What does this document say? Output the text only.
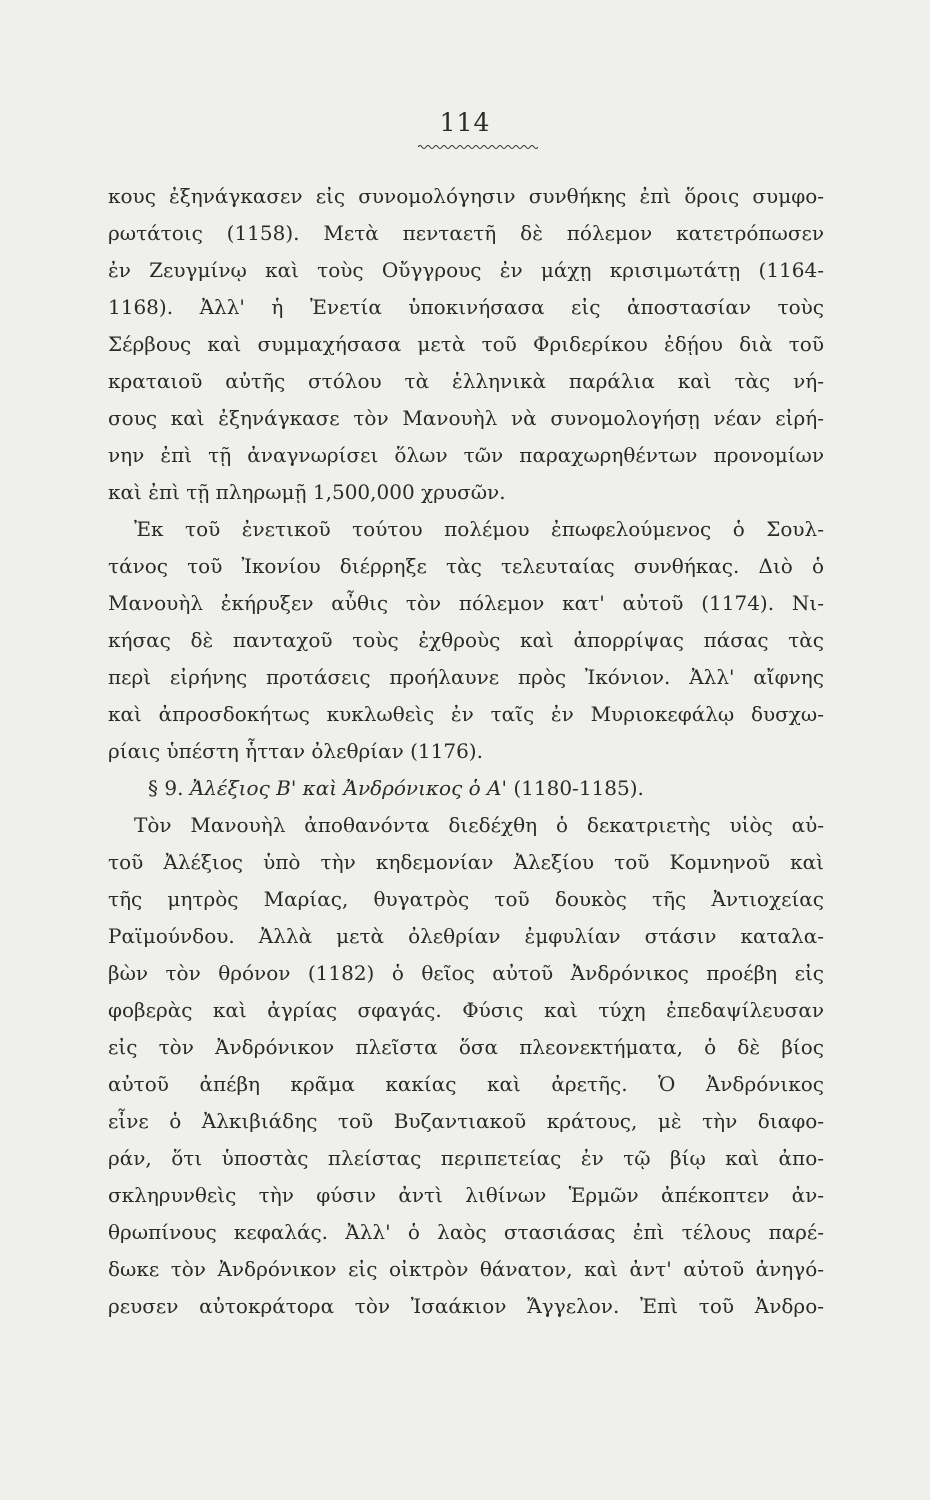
114
κους ἐξηνάγκασεν εἰς συνομολόγησιν συνθήκης ἐπὶ ὅροις συμφο-
ρωτάτοις (1158). Μετὰ πενταετῆ δὲ πόλεμον κατετρόπωσεν
ἐν Ζευγμίνῳ καὶ τοὺς Οὔγγρους ἐν μάχῃ κρισιμωτάτῃ (1164-
1168). Ἀλλ' ἡ Ἐνετία ὑποκινήσασα εἰς ἀποστασίαν τοὺς
Σέρβους καὶ συμμαχήσασα μετὰ τοῦ Φριδερίκου ἐδῄου διὰ τοῦ
κραταιοῦ αὐτῆς στόλου τὰ ἑλληνικὰ παράλια καὶ τὰς νή-
σους καὶ ἐξηνάγκασε τὸν Μανουὴλ νὰ συνομολογήσῃ νέαν εἰρή-
νην ἐπὶ τῇ ἀναγνωρίσει ὅλων τῶν παραχωρηθέντων προνομίων
καὶ ἐπὶ τῇ πληρωμῇ 1,500,000 χρυσῶν.
Ἐκ τοῦ ἐνετικοῦ τούτου πολέμου ἐπωφελούμενος ὁ Σουλ-
τάνος τοῦ Ἰκονίου διέρρηξε τὰς τελευταίας συνθήκας. Διὸ ὁ
Μανουὴλ ἐκήρυξεν αὖθις τὸν πόλεμον κατ' αὐτοῦ (1174). Νι-
κήσας δὲ πανταχοῦ τοὺς ἐχθροὺς καὶ ἀπορρίψας πάσας τὰς
περὶ εἰρήνης προτάσεις προήλαυνε πρὸς Ἰκόνιον. Ἀλλ' αἴφνης
καὶ ἀπροσδοκήτως κυκλωθεὶς ἐν ταῖς ἐν Μυριοκεφάλῳ δυσχω-
ρίαις ὑπέστη ἧτταν ὀλεθρίαν (1176).
§ 9. Ἀλέξιος Β' καὶ Ἀνδρόνικος ὁ Α' (1180-1185).
Τὸν Μανουὴλ ἀποθανόντα διεδέχθη ὁ δεκατριετὴς υἱὸς αὐ-
τοῦ Ἀλέξιος ὑπὸ τὴν κηδεμονίαν Ἀλεξίου τοῦ Κομνηνοῦ καὶ
τῆς μητρὸς Μαρίας, θυγατρὸς τοῦ δουκὸς τῆς Ἀντιοχείας
Ραϊμούνδου. Ἀλλὰ μετὰ ὀλεθρίαν ἐμφυλίαν στάσιν καταλα-
βὼν τὸν θρόνον (1182) ὁ θεῖος αὐτοῦ Ἀνδρόνικος προέβη εἰς
φοβερὰς καὶ ἀγρίας σφαγάς. Φύσις καὶ τύχη ἐπεδαψίλευσαν
εἰς τὸν Ἀνδρόνικον πλεῖστα ὅσα πλεονεκτήματα, ὁ δὲ βίος
αὐτοῦ ἀπέβη κρᾶμα κακίας καὶ ἀρετῆς. Ὁ Ἀνδρόνικος
εἶνε ὁ Ἀλκιβιάδης τοῦ Βυζαντιακοῦ κράτους, μὲ τὴν διαφο-
ράν, ὅτι ὑποστὰς πλείστας περιπετείας ἐν τῷ βίῳ καὶ ἀπο-
σκληρυνθεὶς τὴν φύσιν ἀντὶ λιθίνων Ἑρμῶν ἀπέκοπτεν ἀν-
θρωπίνους κεφαλάς. Ἀλλ' ὁ λαὸς στασιάσας ἐπὶ τέλους παρέ-
δωκε τὸν Ἀνδρόνικον εἰς οἰκτρὸν θάνατον, καὶ ἀντ' αὐτοῦ ἀνηγό-
ρευσεν αὐτοκράτορα τὸν Ἰσαάκιον Ἄγγελον. Ἐπὶ τοῦ Ἀνδρο-
